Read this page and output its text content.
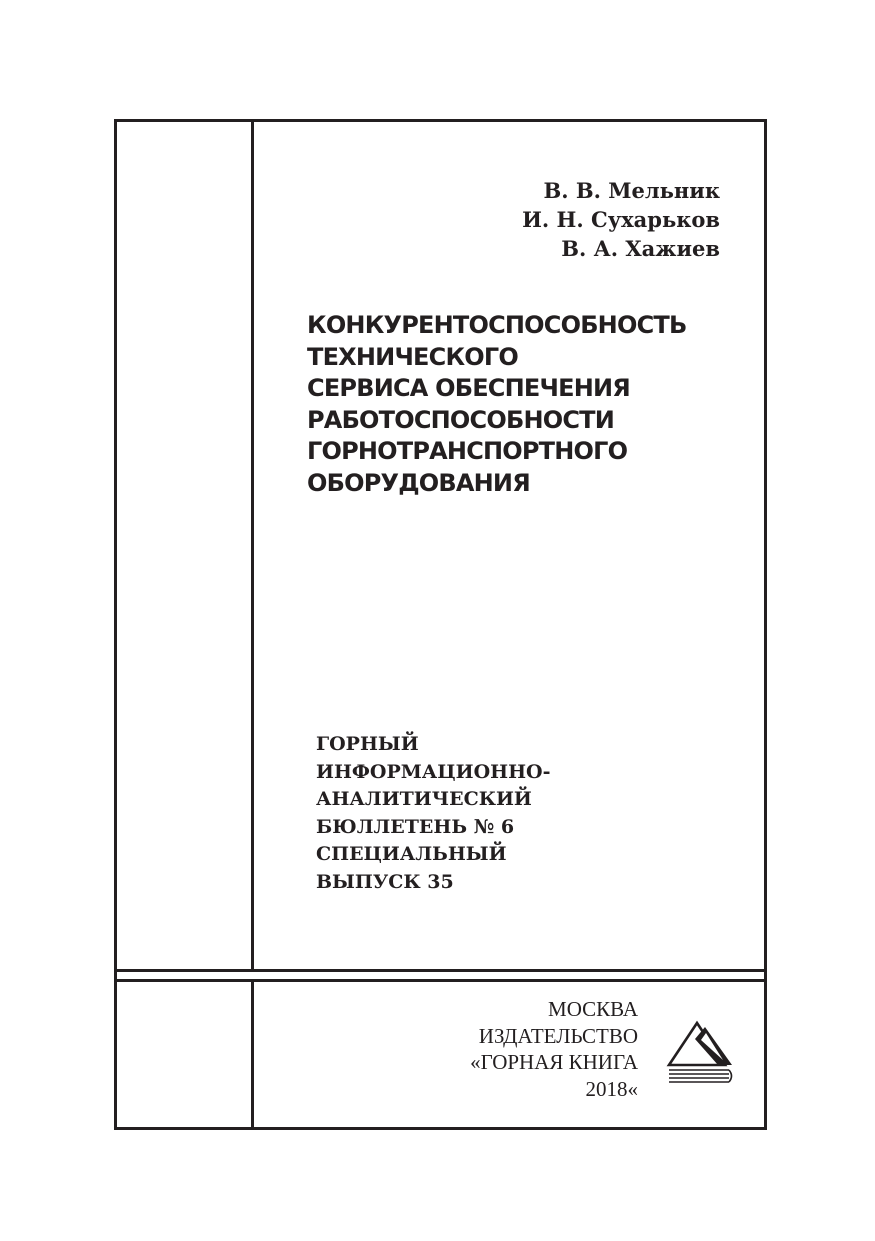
В. В. Мельник
И. Н. Сухарьков
В. А. Хажиев
КОНКУРЕНТОСПОСОБНОСТЬ
ТЕХНИЧЕСКОГО
СЕРВИСА ОБЕСПЕЧЕНИЯ
РАБОТОСПОСОБНОСТИ
ГОРНОТРАНСПОРТНОГО
ОБОРУДОВАНИЯ
ГОРНЫЙ
ИНФОРМАЦИОННО-
АНАЛИТИЧЕСКИЙ
БЮЛЛЕТЕНЬ № 6
СПЕЦИАЛЬНЫЙ
ВЫПУСК 35
МОСКВА
ИЗДАТЕЛЬСТВО
«ГОРНАЯ КНИГА
2018«
